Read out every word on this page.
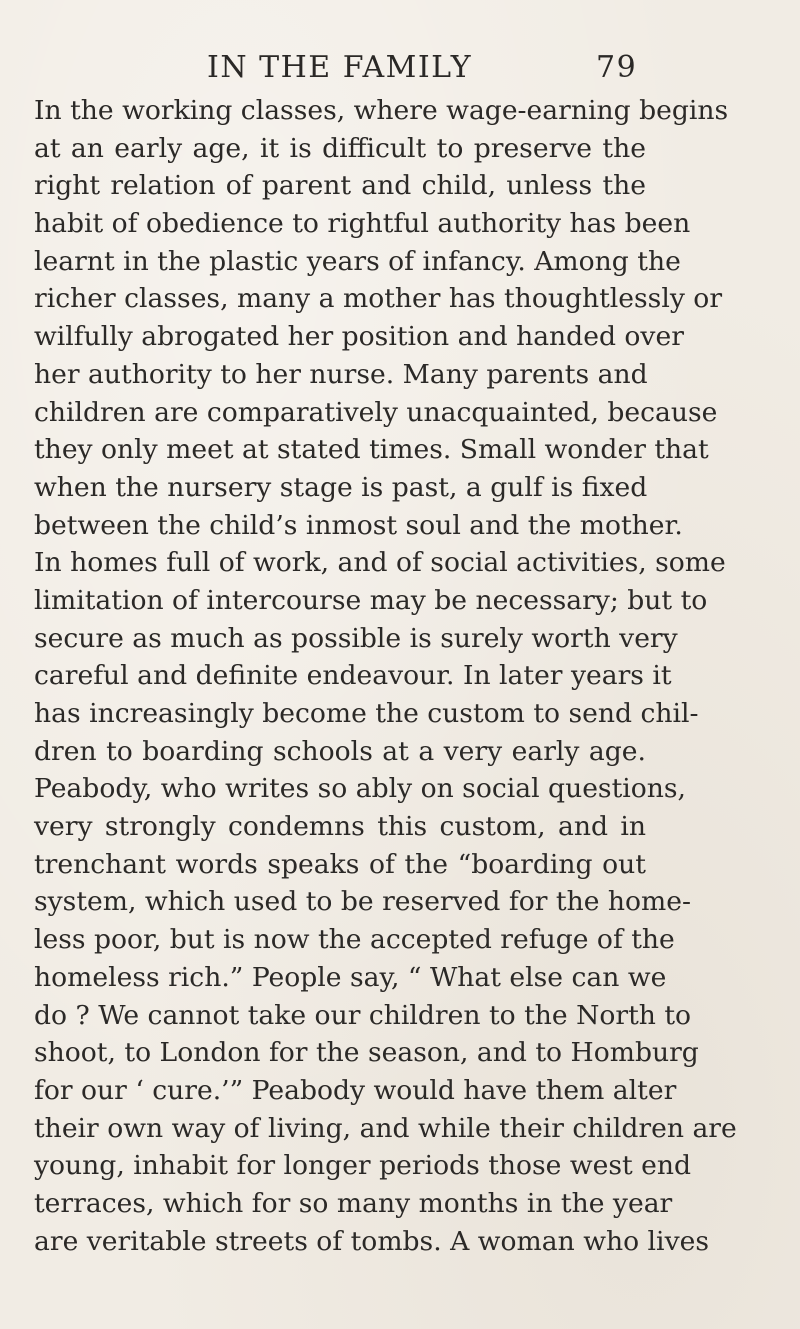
IN THE FAMILY	79
In the working classes, where wage-earning begins
at an early age, it is difficult to preserve the
right relation of parent and child, unless the
habit of obedience to rightful authority has been
learnt in the plastic years of infancy. Among the
richer classes, many a mother has thoughtlessly or
wilfully abrogated her position and handed over
her authority to her nurse. Many parents and
children are comparatively unacquainted, because
they only meet at stated times. Small wonder that
when the nursery stage is past, a gulf is fixed
between the child’s inmost soul and the mother.
In homes full of work, and of social activities, some
limitation of intercourse may be necessary; but to
secure as much as possible is surely worth very
careful and definite endeavour. In later years it
has increasingly become the custom to send chil-
dren to boarding schools at a very early age.
Peabody, who writes so ably on social questions,
very strongly condemns this custom, and in
trenchant words speaks of the “boarding out
system, which used to be reserved for the home-
less poor, but is now the accepted refuge of the
homeless rich.” People say, “ What else can we
do ? We cannot take our children to the North to
shoot, to London for the season, and to Homburg
for our ‘ cure.’” Peabody would have them alter
their own way of living, and while their children are
young, inhabit for longer periods those west end
terraces, which for so many months in the year
are veritable streets of tombs. A woman who lives
